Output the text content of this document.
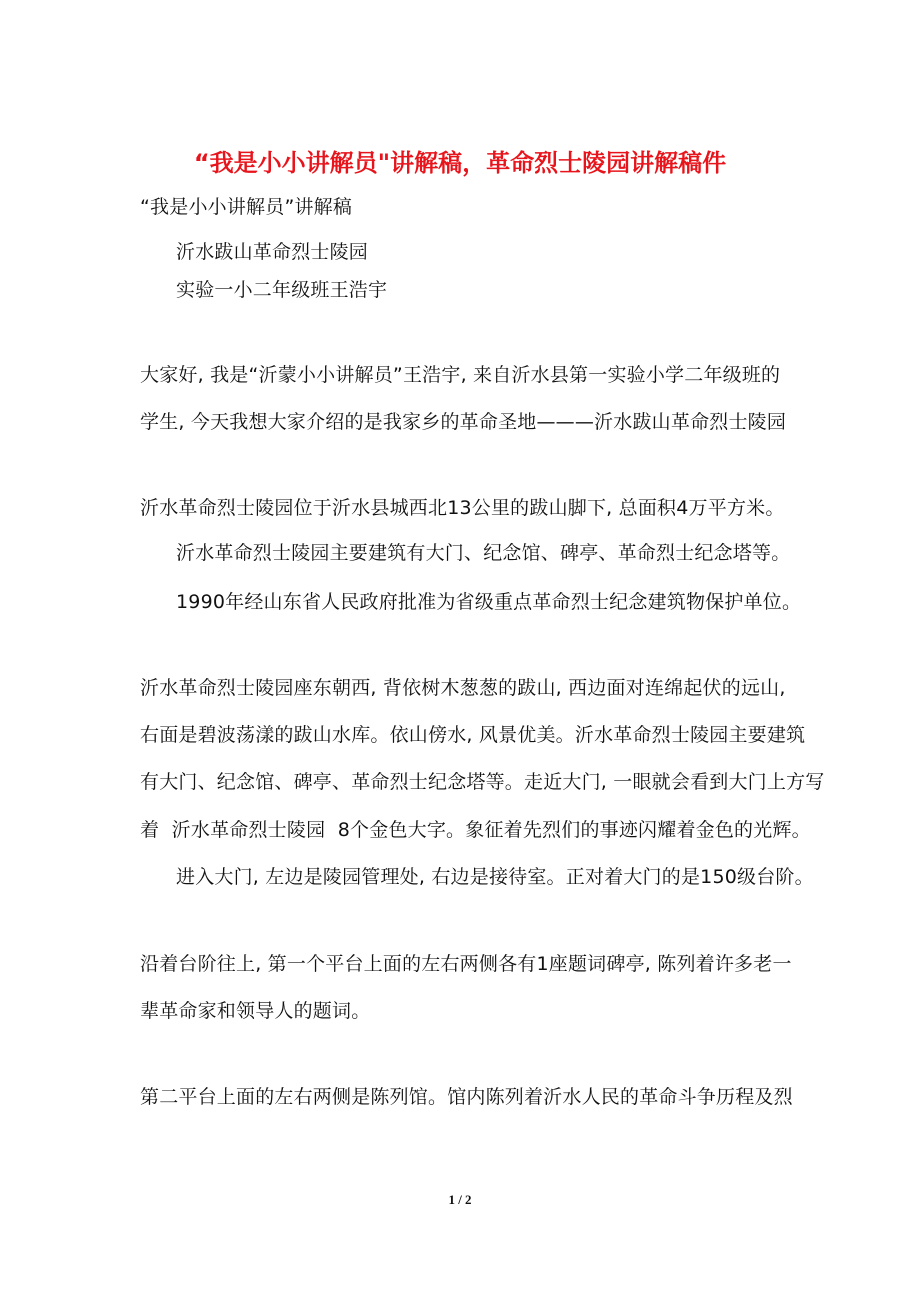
“我是小小讲解员"讲解稿，革命烈士陵园讲解稿件
“我是小小讲解员”讲解稿
沂水跋山革命烈士陵园
实验一小二年级班王浩宇
大家好, 我是“沂蒙小小讲解员”王浩宇, 来自沂水县第一实验小学二年级班的
学生, 今天我想大家介绍的是我家乡的革命圣地———沂水跋山革命烈士陵园
沂水革命烈士陵园位于沂水县城西北13公里的跋山脚下, 总面积4万平方米。
沂水革命烈士陵园主要建筑有大门、纪念馆、碑亭、革命烈士纪念塔等。
1990年经山东省人民政府批准为省级重点革命烈士纪念建筑物保护单位。
沂水革命烈士陵园座东朝西, 背依树木葱葱的跋山, 西边面对连绵起伏的远山,
右面是碧波荡漾的跋山水库。依山傍水, 风景优美。沂水革命烈士陵园主要建筑
有大门、纪念馆、碑亭、革命烈士纪念塔等。走近大门, 一眼就会看到大门上方写
着  沂水革命烈士陵园  8个金色大字。象征着先烈们的事迹闪耀着金色的光辉。
进入大门, 左边是陵园管理处, 右边是接待室。正对着大门的是150级台阶。
沿着台阶往上, 第一个平台上面的左右两侧各有1座题词碑亭, 陈列着许多老一
辈革命家和领导人的题词。
第二平台上面的左右两侧是陈列馆。馆内陈列着沂水人民的革命斗争历程及烈
1 / 2
